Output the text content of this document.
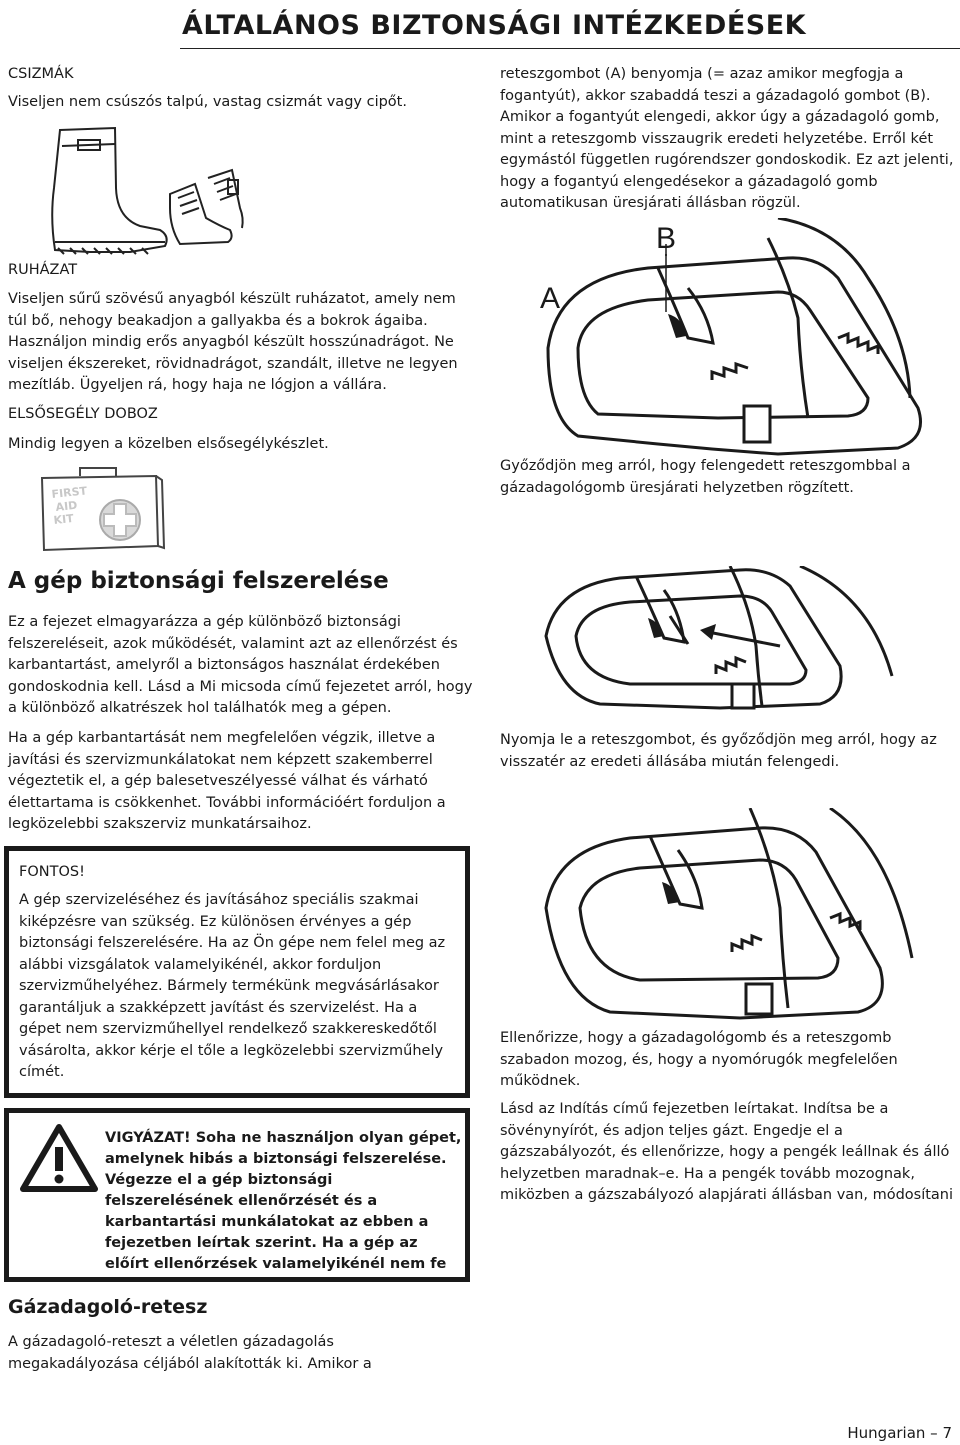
ÁLTALÁNOS BIZTONSÁGI INTÉZKEDÉSEK
CSIZMÁK
Viseljen nem csúszós talpú, vastag csizmát vagy cipőt.
RUHÁZAT
Viseljen sűrű szövésű anyagból készült ruházatot, amely nem túl bő, nehogy beakadjon a gallyakba és a bokrok ágaiba. Használjon mindig erős anyagból készült hosszúnadrágot. Ne viseljen ékszereket, rövidnadrágot, szandált, illetve ne legyen mezítláb. Ügyeljen rá, hogy haja ne lógjon a vállára.
ELSŐSEGÉLY DOBOZ
Mindig legyen a közelben elsősegélykészlet.
FIRST
AID
KIT
A gép biztonsági felszerelése
Ez a fejezet elmagyarázza a gép különböző biztonsági felszereléseit, azok működését, valamint azt az ellenőrzést és karbantartást, amelyről a biztonságos használat érdekében gondoskodnia kell. Lásd a Mi micsoda című fejezetet arról, hogy a különböző alkatrészek hol találhatók meg a gépen.
Ha a gép karbantartását nem megfelelően végzik, illetve a javítási és szervizmunkálatokat nem képzett szakemberrel végeztetik el, a gép balesetveszélyessé válhat és várható élettartama is csökkenhet. További információért forduljon a legközelebbi szakszerviz munkatársaihoz.
FONTOS!
A gép szervizeléséhez és javításához speciális szakmai kiképzésre van szükség. Ez különösen érvényes a gép biztonsági felszerelésére. Ha az Ön gépe nem felel meg az alábbi vizsgálatok valamelyikénél, akkor forduljon szervizműhelyéhez. Bármely termékünk megvásárlásakor garantáljuk a szakképzett javítást és szervizelést. Ha a gépet nem szervizműhellyel rendelkező szakkereskedőtől vásárolta, akkor kérje el tőle a legközelebbi szervizműhely címét.
VIGYÁZAT! Soha ne használjon olyan gépet, amelynek hibás a biztonsági felszerelése. Végezze el a gép biztonsági felszerelésének ellenőrzését és a karbantartási munkálatokat az ebben a fejezetben leírtak szerint. Ha a gép az előírt ellenőrzések valamelyikénél nem fe
Gázadagoló-retesz
A gázadagoló-reteszt a véletlen gázadagolás megakadályozása céljából alakították ki. Amikor a
reteszgombot (A) benyomja (= azaz amikor megfogja a fogantyút), akkor szabaddá teszi a gázadagoló gombot (B). Amikor a fogantyút elengedi, akkor úgy a gázadagoló gomb, mint a reteszgomb visszaugrik eredeti helyzetébe. Erről két egymástól független rugórendszer gondoskodik. Ez azt jelenti, hogy a fogantyú elengedésekor a gázadagoló gomb automatikusan üresjárati állásban rögzül.
A
B
Győződjön meg arról, hogy felengedett reteszgombbal a gázadagológomb üresjárati helyzetben rögzített.
Nyomja le a reteszgombot, és győződjön meg arról, hogy az visszatér az eredeti állásába miután felengedi.
Ellenőrizze, hogy a gázadagológomb és a reteszgomb szabadon mozog, és, hogy a nyomórugók megfelelően működnek.
Lásd az Indítás című fejezetben leírtakat. Indítsa be a sövénynyírót, és adjon teljes gázt. Engedje el a gázszabályozót, és ellenőrizze, hogy a pengék leállnak és álló helyzetben maradnak–e. Ha a pengék tovább mozognak, miközben a gázszabályozó alapjárati állásban van, módosítani
Hungarian – 7
